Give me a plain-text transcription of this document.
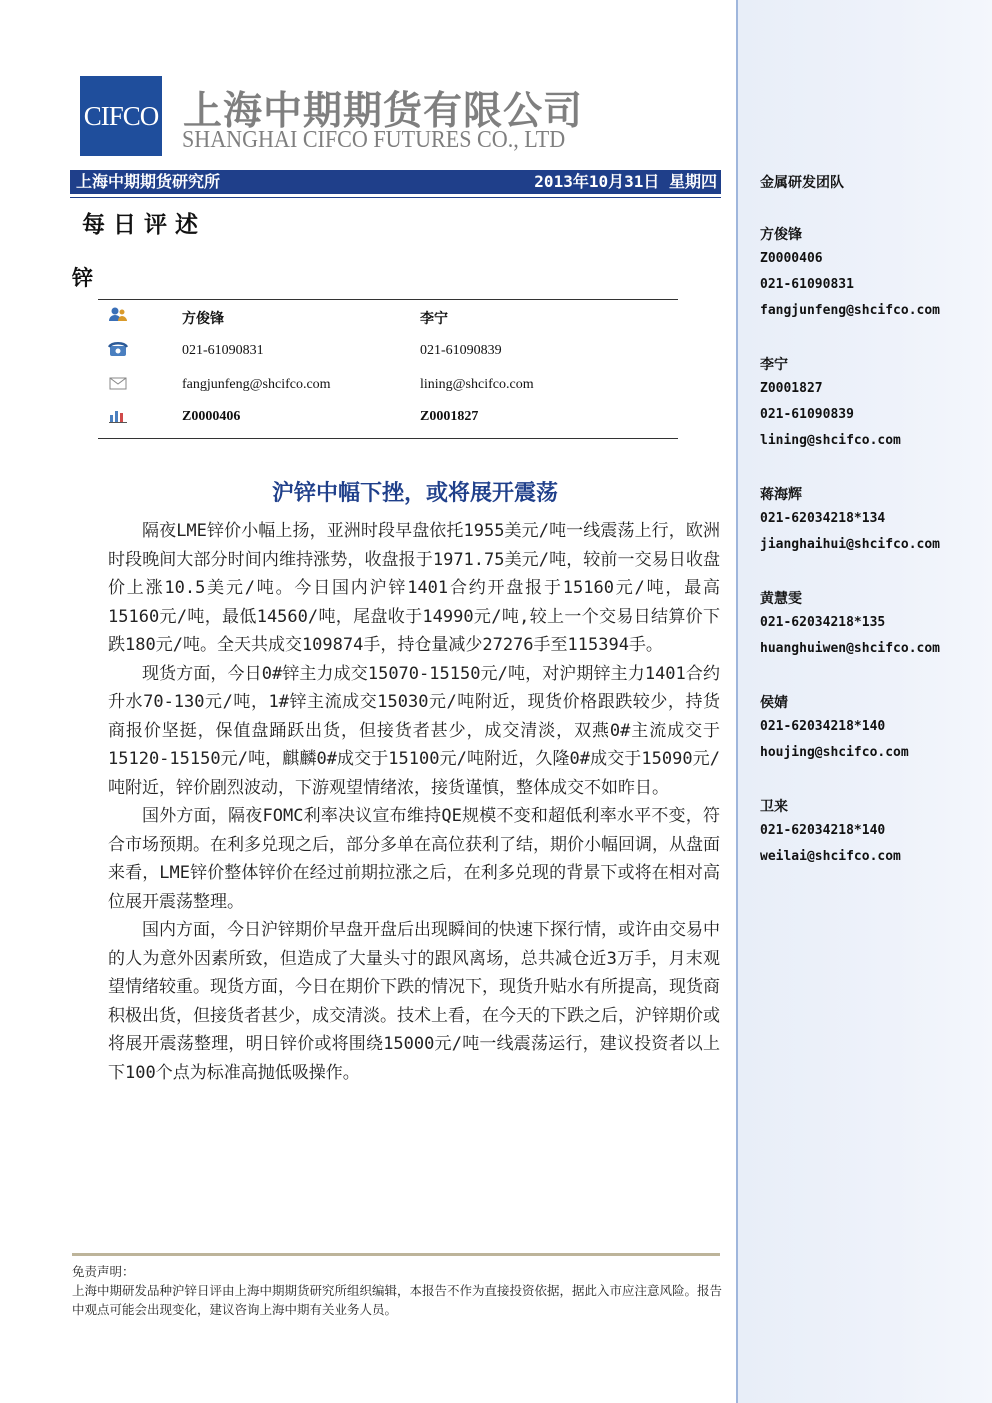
CIFCO 上海中期期货有限公司
SHANGHAI CIFCO FUTURES CO., LTD
上海中期期货研究所	2013年10月31日 星期四
每日评述
锌
方俊锋	李宁
021-61090831	021-61090839
fangjunfeng@shcifco.com	lining@shcifco.com
Z0000406	Z0001827
沪锌中幅下挫，或将展开震荡

隔夜LME锌价小幅上扬，亚洲时段早盘依托1955美元/吨一线震荡上行，欧洲时段晚间大部分时间内维持涨势，收盘报于1971.75美元/吨，较前一交易日收盘价上涨10.5美元/吨。今日国内沪锌1401合约开盘报于15160元/吨，最高15160元/吨，最低14560/吨，尾盘收于14990元/吨,较上一个交易日结算价下跌180元/吨。全天共成交109874手，持仓量减少27276手至115394手。

现货方面，今日0#锌主力成交15070-15150元/吨，对沪期锌主力1401合约升水70-130元/吨，1#锌主流成交15030元/吨附近，现货价格跟跌较少，持货商报价坚挺，保值盘踊跃出货，但接货者甚少，成交清淡，双燕0#主流成交于15120-15150元/吨，麒麟0#成交于15100元/吨附近，久隆0#成交于15090元/吨附近，锌价剧烈波动，下游观望情绪浓，接货谨慎，整体成交不如昨日。

国外方面，隔夜FOMC利率决议宣布维持QE规模不变和超低利率水平不变，符合市场预期。在利多兑现之后，部分多单在高位获利了结，期价小幅回调，从盘面来看，LME锌价整体锌价在经过前期拉涨之后，在利多兑现的背景下或将在相对高位展开震荡整理。

国内方面，今日沪锌期价早盘开盘后出现瞬间的快速下探行情，或许由交易中的人为意外因素所致，但造成了大量头寸的跟风离场，总共减仓近3万手，月末观望情绪较重。现货方面，今日在期价下跌的情况下，现货升贴水有所提高，现货商积极出货，但接货者甚少，成交清淡。技术上看，在今天的下跌之后，沪锌期价或将展开震荡整理，明日锌价或将围绕15000元/吨一线震荡运行，建议投资者以上下100个点为标准高抛低吸操作。

免责声明：
上海中期研发品种沪锌日评由上海中期期货研究所组织编辑，本报告不作为直接投资依据，据此入市应注意风险。报告中观点可能会出现变化，建议咨询上海中期有关业务人员。
金属研发团队
方俊锋
Z0000406
021-61090831
fangjunfeng@shcifco.com
李宁
Z0001827
021-61090839
lining@shcifco.com
蒋海辉
021-62034218*134
jianghaihui@shcifco.com
黄慧雯
021-62034218*135
huanghuiwen@shcifco.com
侯婧
021-62034218*140
houjing@shcifco.com
卫来
021-62034218*140
weilai@shcifco.com
